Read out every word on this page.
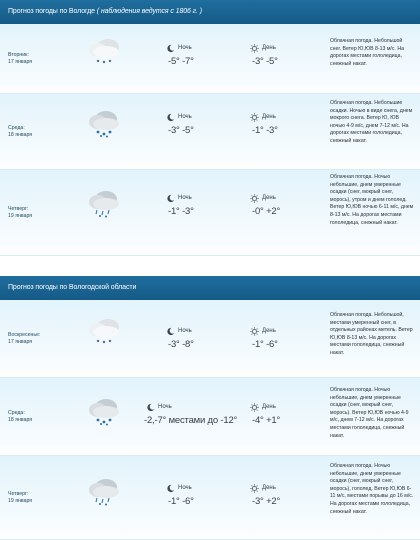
Прогноз погоды по Вологде ( наблюдения ведутся с 1806 г. )
Вторник:
17 января
Ночь
-5° -7°
День
-3° -5°
Облачная погода. Небольшой снег. Ветер Ю,ЮВ 8-13 м/с. На дорогах местами гололедица, снежный накат.
Среда:
18 января
Ночь
-3° -5°
День
-1° -3°
Облачная погода. Небольшие осадки. Ночью в виде снега, днем мокрого снега. Ветер Ю, ЮВ ночью 4-9 м/с, днем 7-12 м/с. На дорогах местами гололедица, снежный накат.
Четверг:
19 января
Ночь
-1° -3°
День
-0° +2°
Облачная погода. Ночью небольшие, днем умеренные осадки (снег, мокрый снег, морось), утром и днем гололед. Ветер Ю,ЮВ ночью 6-11 м/с, днем 8-13 м/с. На дорогах местами гололедица, снежный накат.
Прогноз погоды по Вологодской области
Воскресенье:
17 января
Ночь
-3° -8°
День
-1° -6°
Облачная погода. Небольшой, местами умеренный снег, в отдельных районах метель. Ветер Ю,ЮВ 8-13 м/с. На дорогах местами гололедица, снежный накат.
Среда:
18 января
Ночь
-2,-7° местами до -12°
День
-4° +1°
Облачная погода. Ночью небольшие, днем умеренные осадки (снег, мокрый снег, морось). Ветер Ю,ЮВ ночью 4-9 м/с, днем 7-12 м/с. На дорогах местами гололедица, снежный накат.
Четверг:
19 января
Ночь
-1° -6°
День
-3° +2°
Облачная погода. Ночью небольшие, днем умеренные осадки (снег, мокрый снег, морось), гололед. Ветер Ю,ЮВ 6-11 м/с, местами порывы до 16 м/с. На дорогах местами гололедица, снежный накат.
